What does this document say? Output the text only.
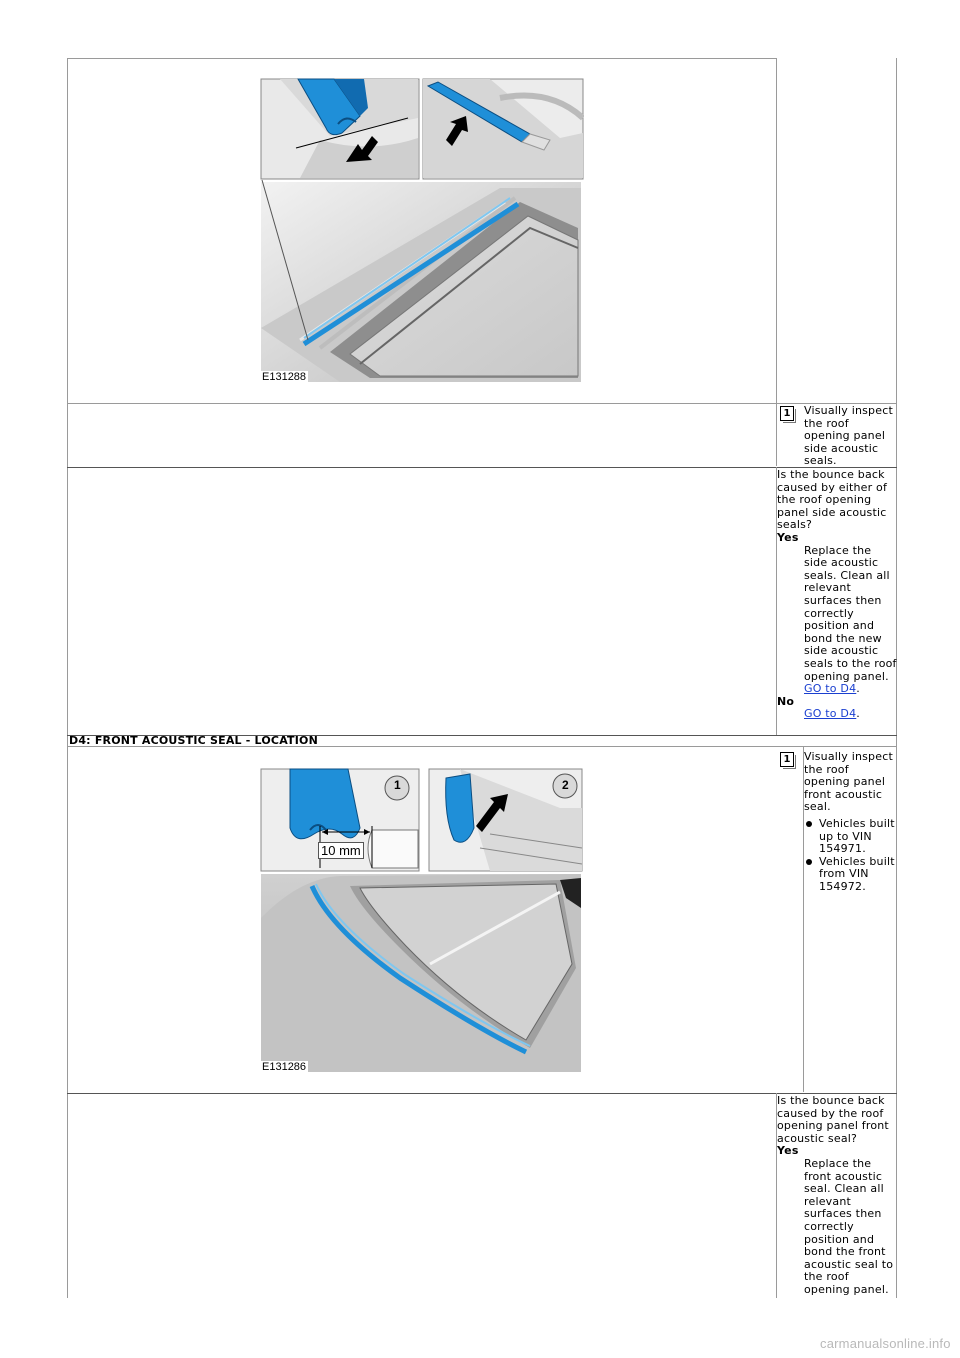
E131288
1	Visually inspect the roof opening panel side acoustic seals.
Is the bounce back caused by either of the roof opening panel side acoustic seals?
Yes
Replace the side acoustic seals. Clean all relevant surfaces then correctly position and bond the new side acoustic seals to the roof opening panel. GO to D4.
No
GO to D4.
D4: FRONT ACOUSTIC SEAL - LOCATION
1	2
10 mm
E131286
1	Visually inspect the roof opening panel front acoustic seal.
Vehicles built up to VIN 154971.
Vehicles built from VIN 154972.
Is the bounce back caused by the roof opening panel front acoustic seal?
Yes
Replace the front acoustic seal. Clean all relevant surfaces then correctly position and bond the front acoustic seal to the roof opening panel.
carmanualsonline.info
